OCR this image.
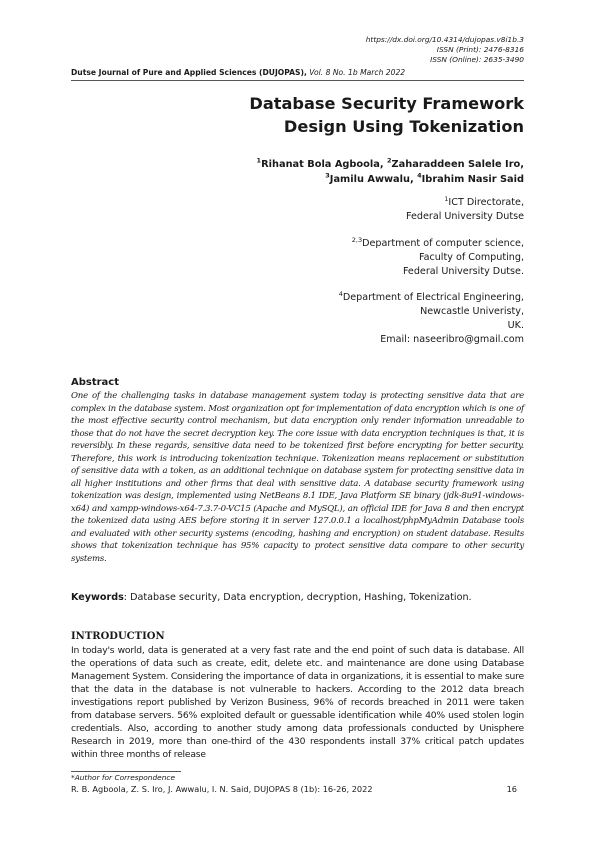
https://dx.doi.org/10.4314/dujopas.v8i1b.3
ISSN (Print): 2476-8316
ISSN (Online): 2635-3490
Dutse Journal of Pure and Applied Sciences (DUJOPAS), Vol. 8 No. 1b March 2022
Database Security Framework
Design Using Tokenization
$^1$Rihanat Bola Agboola, $^2$Zaharaddeen Salele Iro,
$^3$Jamilu Awwalu, $^4$Ibrahim Nasir Said
$^1$ICT Directorate,
Federal University Dutse
$^{2,3}$Department of computer science,
Faculty of Computing,
Federal University Dutse.
$^4$Department of Electrical Engineering,
Newcastle Univeristy,
UK.
Email: naseeribro@gmail.com
Abstract
One of the challenging tasks in database management system today is protecting sensitive data that are complex in the database system. Most organization opt for implementation of data encryption which is one of the most effective security control mechanism, but data encryption only render information unreadable to those that do not have the secret decryption key. The core issue with data encryption techniques is that, it is reversibly. In these regards, sensitive data need to be tokenized first before encrypting for better security. Therefore, this work is introducing tokenization technique. Tokenization means replacement or substitution of sensitive data with a token, as an additional technique on database system for protecting sensitive data in all higher institutions and other firms that deal with sensitive data. A database security framework using tokenization was design, implemented using NetBeans 8.1 IDE, Java Platform SE binary (jdk-8u91-windows-x64) and xampp-windows-x64-7.3.7-0-VC15 (Apache and MySQL), an official IDE for Java 8 and then encrypt the tokenized data using AES before storing it in server 127.0.0.1 a localhost/phpMyAdmin Database tools and evaluated with other security systems (encoding, hashing and encryption) on student database. Results shows that tokenization technique has 95% capacity to protect sensitive data compare to other security systems.
Keywords: Database security, Data encryption, decryption, Hashing, Tokenization.
INTRODUCTION
In today's world, data is generated at a very fast rate and the end point of such data is database. All the operations of data such as create, edit, delete etc. and maintenance are done using Database Management System. Considering the importance of data in organizations, it is essential to make sure that the data in the database is not vulnerable to hackers. According to the 2012 data breach investigations report published by Verizon Business, 96% of records breached in 2011 were taken from database servers. 56% exploited default or guessable identification while 40% used stolen login credentials. Also, according to another study among data professionals conducted by Unisphere Research in 2019, more than one-third of the 430 respondents install 37% critical patch updates within three months of release
*Author for Correspondence
R. B. Agboola, Z. S. Iro, J. Awwalu, I. N. Said, DUJOPAS 8 (1b): 16-26, 2022	16
